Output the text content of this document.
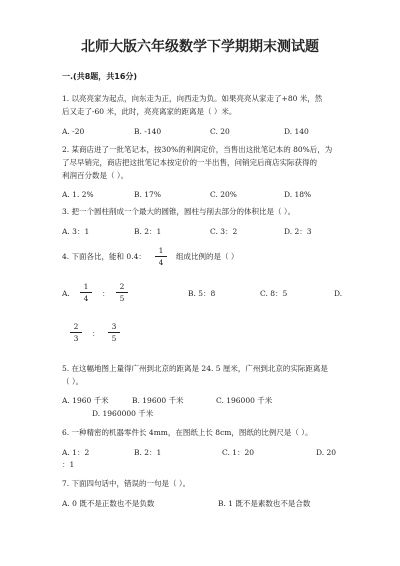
北师大版六年级数学下学期期末测试题
一.(共8题，共16分)
1. 以亮亮家为起点，向东走为正，向西走为负。如果亮亮从家走了+80 米，然
后又走了-60 米，此时，亮亮离家的距离是（ ）米。
A. -20	B. -140	C. 20	D. 140
2. 某商店进了一批笔记本，按30%的利润定价，当售出这批笔记本的 80%后，为
了尽早销完，商店把这批笔记本按定价的一半出售，问销完后商店实际获得的
利润百分数是（ ）。
A. 1. 2%	B. 17%	C. 20%	D. 18%
3. 把一个圆柱削成一个最大的圆锥，圆柱与削去部分的体积比是（ ）。
A. 3：1	B. 2：1	C. 3：2	D. 2：3
4. 下面各比，能和 0.4：
1
4
组成比例的是（ ）
A.
1
4
：
2
5
B. 5：8	C. 8：5	D.
2
3
：
3
5
5. 在这幅地图上量得广州到北京的距离是 24. 5 厘米，广州到北京的实际距离是
（ ）。
A. 1960 千米	B. 19600 千米	C. 196000 千米
D. 1960000 千米
6. 一种精密的机器零件长 4mm，在图纸上长 8cm，图纸的比例尺是（ ）。
A. 1：2	B. 2：1	C. 1：20	D. 20
：1
7. 下面四句话中，错误的一句是（ ）。
A. 0 既不是正数也不是负数	B. 1 既不是素数也不是合数
